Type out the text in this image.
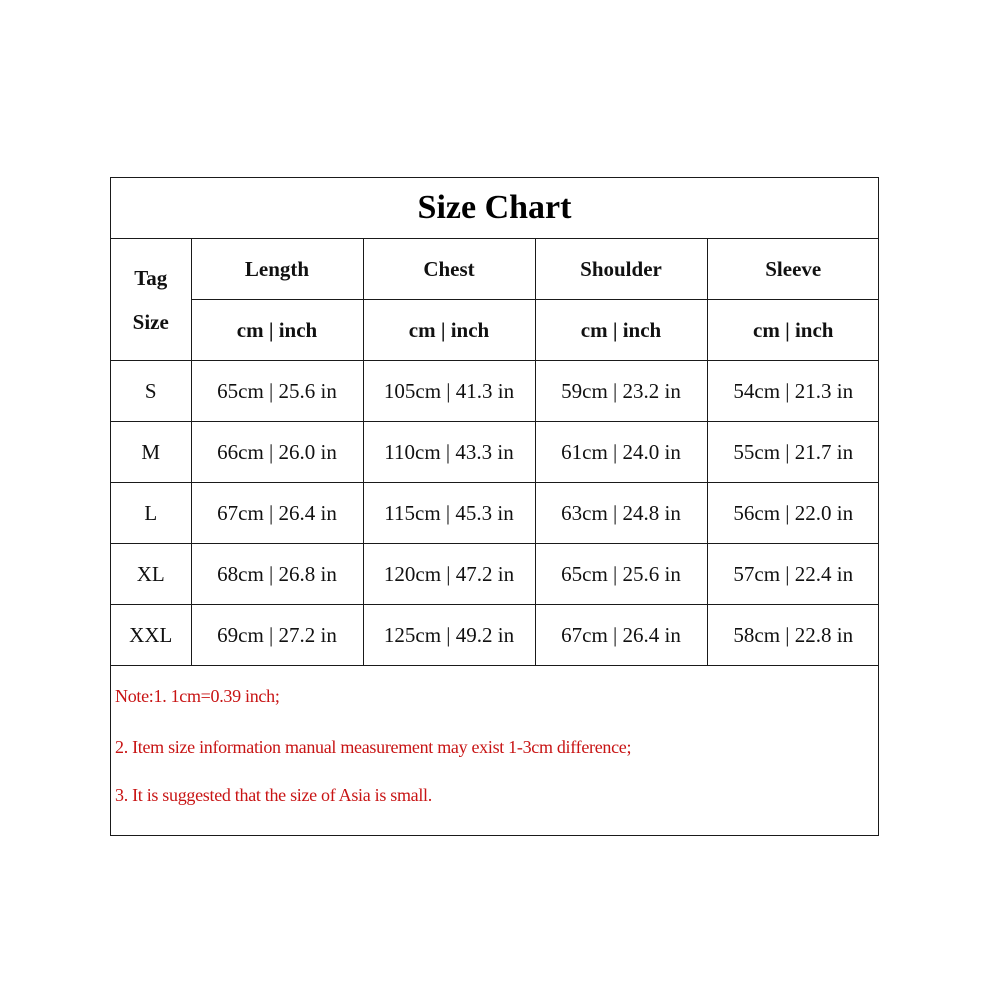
Size Chart
Tag
Size	Length	Chest	Shoulder	Sleeve
	cm | inch	cm | inch	cm | inch	cm | inch
S	65cm | 25.6 in	105cm | 41.3 in	59cm | 23.2 in	54cm | 21.3 in
M	66cm | 26.0 in	110cm | 43.3 in	61cm | 24.0 in	55cm | 21.7 in
L	67cm | 26.4 in	115cm | 45.3 in	63cm | 24.8 in	56cm | 22.0 in
XL	68cm | 26.8 in	120cm | 47.2 in	65cm | 25.6 in	57cm | 22.4 in
XXL	69cm | 27.2 in	125cm | 49.2 in	67cm | 26.4 in	58cm | 22.8 in
Note:1. 1cm=0.39 inch;
2. Item size information manual measurement may exist 1-3cm difference;
3. It is suggested that the size of Asia is small.
